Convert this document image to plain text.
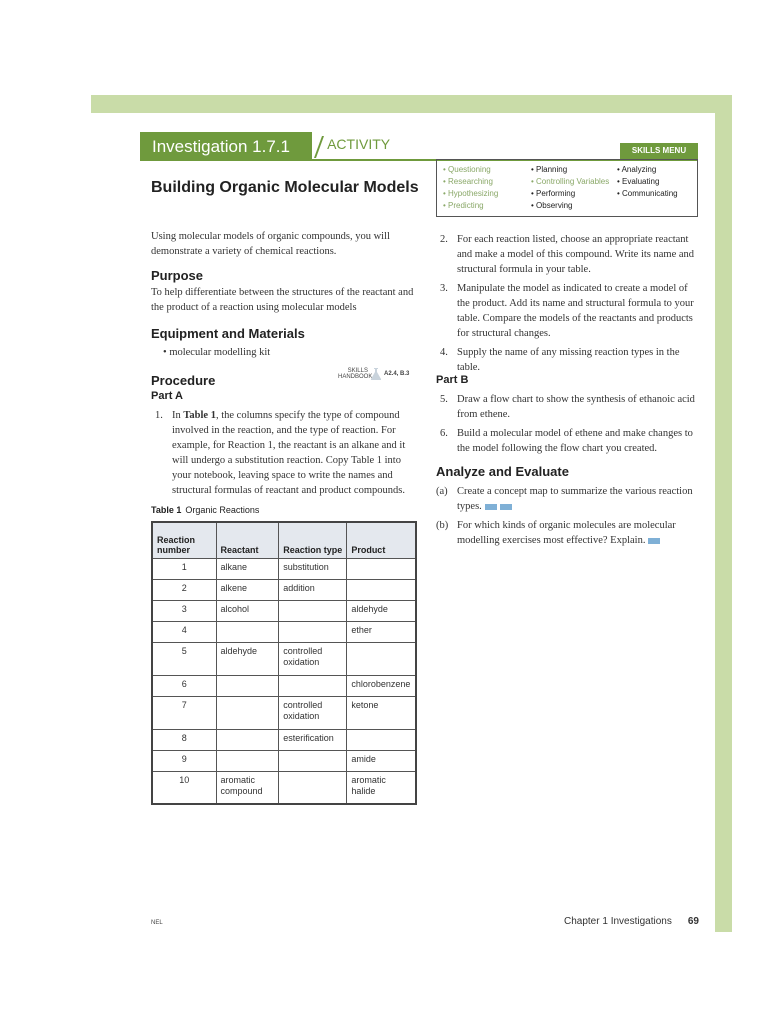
Investigation 1.7.1	ACTIVITY	SKILLS MENU
• Questioning
• Researching
• Hypothesizing
• Predicting
• Planning
• Controlling Variables
• Performing
• Observing
• Analyzing
• Evaluating
• Communicating
Building Organic Molecular Models
Using molecular models of organic compounds, you will demonstrate a variety of chemical reactions.
Purpose
To help differentiate between the structures of the reactant and the product of a reaction using molecular models
Equipment and Materials
• molecular modelling kit
Procedure
SKILLS HANDBOOK A2.4, B.3
Part A
1. In Table 1, the columns specify the type of compound involved in the reaction, and the type of reaction. For example, for Reaction 1, the reactant is an alkane and it will undergo a substitution reaction. Copy Table 1 into your notebook, leaving space to write the names and structural formulas of reactant and product compounds.
Table 1 Organic Reactions
Reaction number	Reactant	Reaction type	Product
1	alkane	substitution	
2	alkene	addition	
3	alcohol		aldehyde
4			ether
5	aldehyde	controlled oxidation	
6			chlorobenzene
7		controlled oxidation	ketone
8		esterification	
9			amide
10	aromatic compound		aromatic halide
2. For each reaction listed, choose an appropriate reactant and make a model of this compound. Write its name and structural formula in your table.
3. Manipulate the model as indicated to create a model of the product. Add its name and structural formula to your table. Compare the models of the reactants and products for structural changes.
4. Supply the name of any missing reaction types in the table.
Part B
5. Draw a flow chart to show the synthesis of ethanoic acid from ethene.
6. Build a molecular model of ethene and make changes to the model following the flow chart you created.
Analyze and Evaluate
(a) Create a concept map to summarize the various reaction types.
(b) For which kinds of organic molecules are molecular modelling exercises most effective? Explain.
NEL	Chapter 1 Investigations 69
